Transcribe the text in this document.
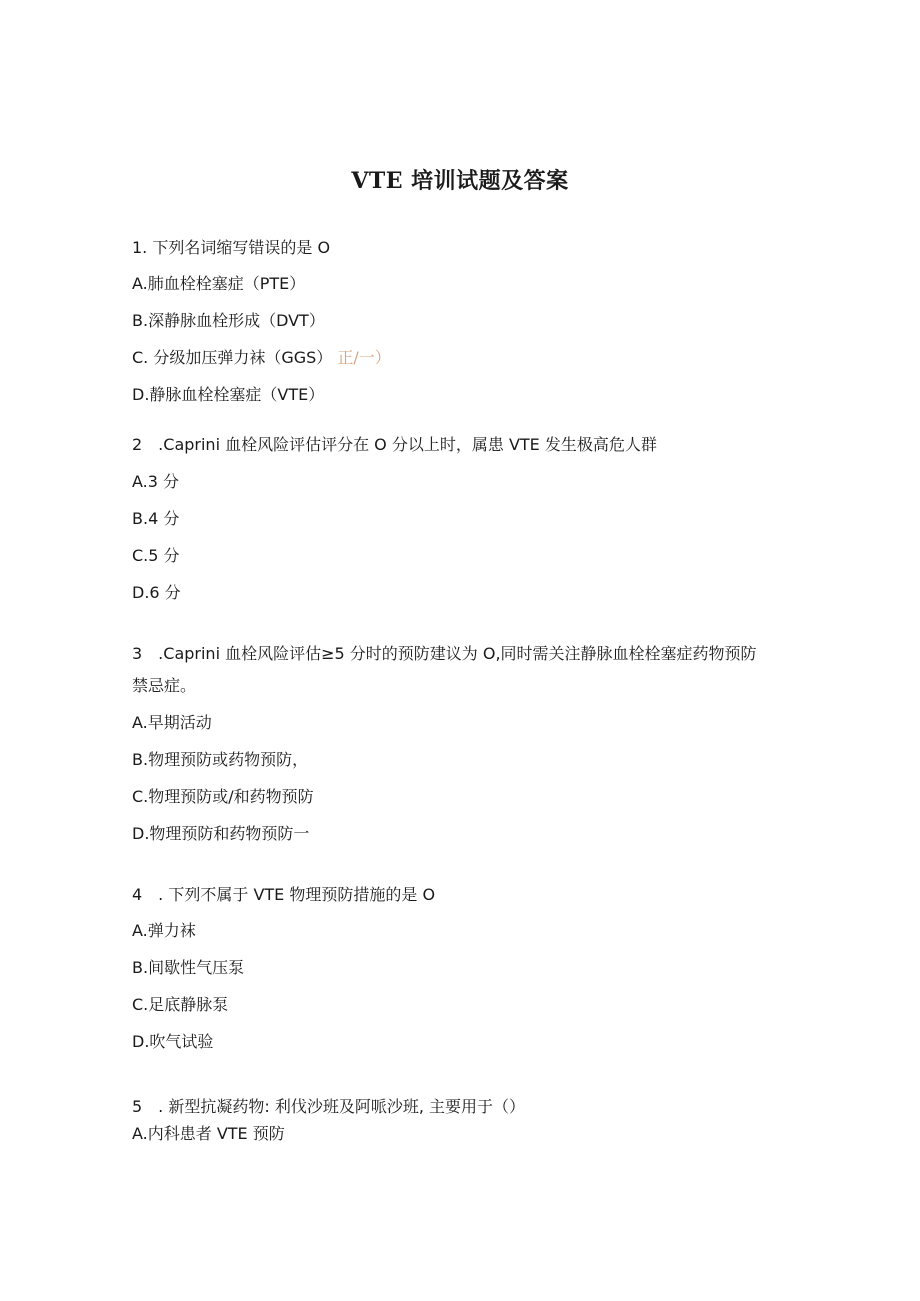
VTE 培训试题及答案
1. 下列名词缩写错误的是 O
A.肺血栓栓塞症（PTE）
B.深静脉血栓形成（DVT）
C. 分级加压弹力袜（GGS） 正/一）
D.静脉血栓栓塞症（VTE）
2　.Caprini 血栓风险评估评分在 O 分以上时，属患 VTE 发生极高危人群
A.3 分
B.4 分
C.5 分
D.6 分
3　.Caprini 血栓风险评估≥5 分时的预防建议为 O,同时需关注静脉血栓栓塞症药物预防
禁忌症。
A.早期活动
B.物理预防或药物预防，
C.物理预防或/和药物预防
D.物理预防和药物预防一
4　. 下列不属于 VTE 物理预防措施的是 O
A.弹力袜
B.间歇性气压泵
C.足底静脉泵
D.吹气试验
5　. 新型抗凝药物: 利伐沙班及阿哌沙班, 主要用于（）
A.内科患者 VTE 预防
